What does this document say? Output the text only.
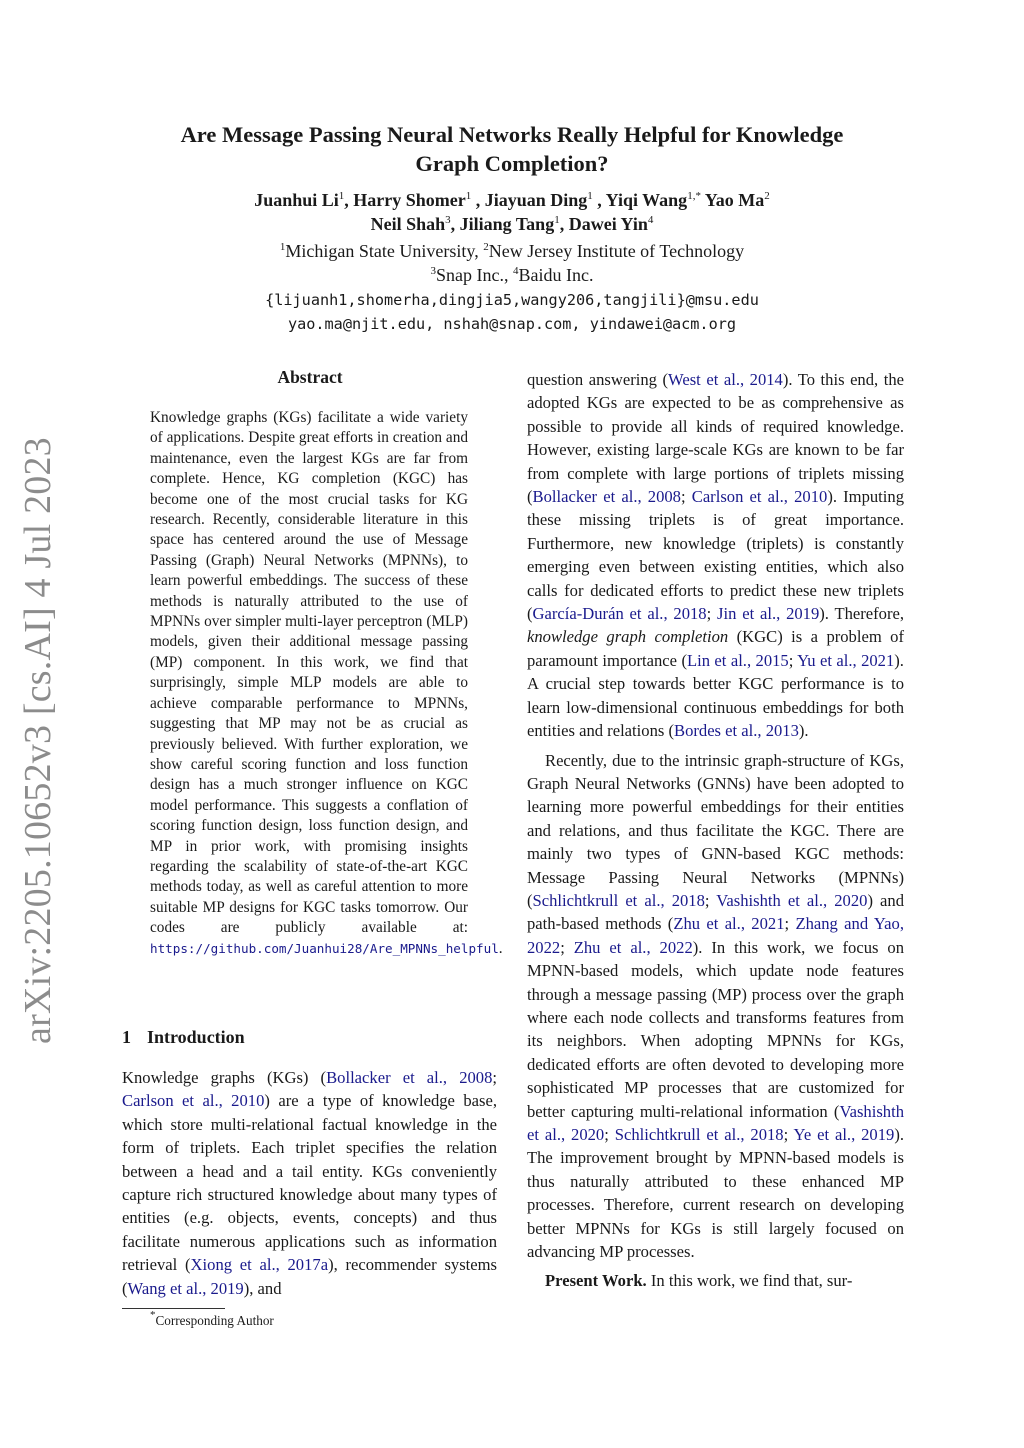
arXiv:2205.10652v3 [cs.AI] 4 Jul 2023
Are Message Passing Neural Networks Really Helpful for Knowledge
Graph Completion?
Juanhui Li$^1$, Harry Shomer$^1$ , Jiayuan Ding$^1$ , Yiqi Wang$^{1,*}$ Yao Ma$^2$
Neil Shah$^3$, Jiliang Tang$^1$, Dawei Yin$^4$
$^1$Michigan State University, $^2$New Jersey Institute of Technology
$^3$Snap Inc., $^4$Baidu Inc.
{lijuanh1,shomerha,dingjia5,wangy206,tangjili}@msu.edu
yao.ma@njit.edu, nshah@snap.com, yindawei@acm.org
Abstract
Knowledge graphs (KGs) facilitate a wide variety of applications. Despite great efforts in creation and maintenance, even the largest KGs are far from complete. Hence, KG completion (KGC) has become one of the most crucial tasks for KG research. Recently, considerable literature in this space has centered around the use of Message Passing (Graph) Neural Networks (MPNNs), to learn powerful embeddings. The success of these methods is naturally attributed to the use of MPNNs over simpler multi-layer perceptron (MLP) models, given their additional message passing (MP) component. In this work, we find that surprisingly, simple MLP models are able to achieve comparable performance to MPNNs, suggesting that MP may not be as crucial as previously believed. With further exploration, we show careful scoring function and loss function design has a much stronger influence on KGC model performance. This suggests a conflation of scoring function design, loss function design, and MP in prior work, with promising insights regarding the scalability of state-of-the-art KGC methods today, as well as careful attention to more suitable MP designs for KGC tasks tomorrow. Our codes are publicly available at: https://github.com/Juanhui28/Are_MPNNs_helpful.
1 Introduction

Knowledge graphs (KGs) (Bollacker et al., 2008; Carlson et al., 2010) are a type of knowledge base, which store multi-relational factual knowledge in the form of triplets. Each triplet specifies the relation between a head and a tail entity. KGs conveniently capture rich structured knowledge about many types of entities (e.g. objects, events, concepts) and thus facilitate numerous applications such as information retrieval (Xiong et al., 2017a), recommender systems (Wang et al., 2019), and

question answering (West et al., 2014). To this end, the adopted KGs are expected to be as comprehensive as possible to provide all kinds of required knowledge. However, existing large-scale KGs are known to be far from complete with large portions of triplets missing (Bollacker et al., 2008; Carlson et al., 2010). Imputing these missing triplets is of great importance. Furthermore, new knowledge (triplets) is constantly emerging even between existing entities, which also calls for dedicated efforts to predict these new triplets (García-Durán et al., 2018; Jin et al., 2019). Therefore, knowledge graph completion (KGC) is a problem of paramount importance (Lin et al., 2015; Yu et al., 2021). A crucial step towards better KGC performance is to learn low-dimensional continuous embeddings for both entities and relations (Bordes et al., 2013).

Recently, due to the intrinsic graph-structure of KGs, Graph Neural Networks (GNNs) have been adopted to learning more powerful embeddings for their entities and relations, and thus facilitate the KGC. There are mainly two types of GNN-based KGC methods: Message Passing Neural Networks (MPNNs) (Schlichtkrull et al., 2018; Vashishth et al., 2020) and path-based methods (Zhu et al., 2021; Zhang and Yao, 2022; Zhu et al., 2022). In this work, we focus on MPNN-based models, which update node features through a message passing (MP) process over the graph where each node collects and transforms features from its neighbors. When adopting MPNNs for KGs, dedicated efforts are often devoted to developing more sophisticated MP processes that are customized for better capturing multi-relational information (Vashishth et al., 2020; Schlichtkrull et al., 2018; Ye et al., 2019). The improvement brought by MPNN-based models is thus naturally attributed to these enhanced MP processes. Therefore, current research on developing better MPNNs for KGs is still largely focused on advancing MP processes.

Present Work. In this work, we find that, sur-

*Corresponding Author
